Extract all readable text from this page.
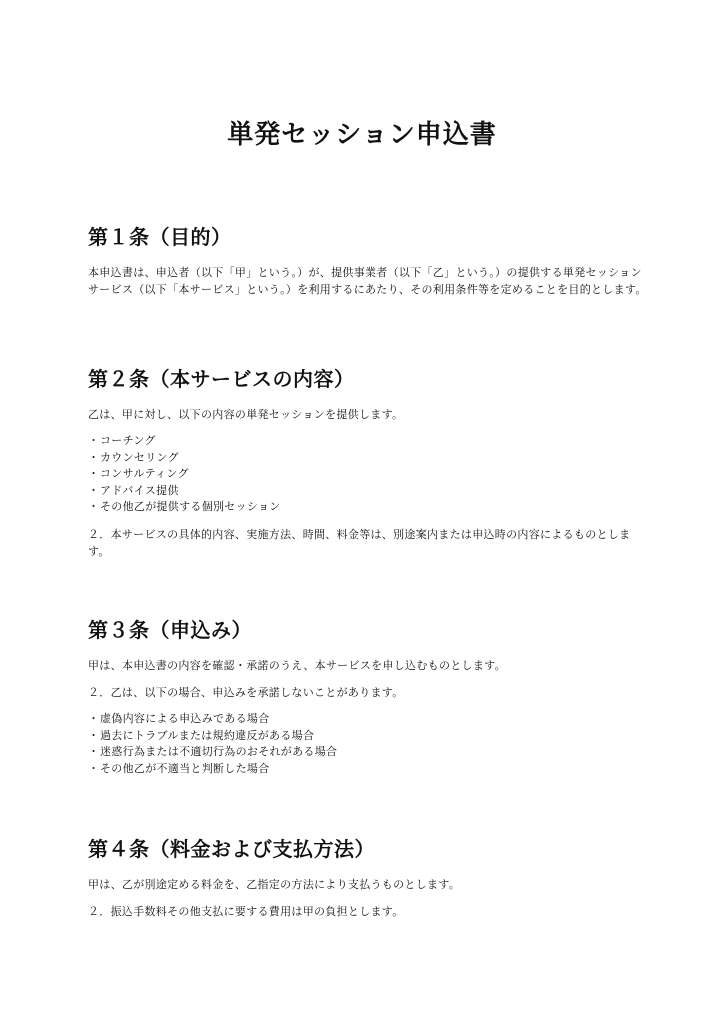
単発セッション申込書
第１条（目的）

本申込書は、申込者（以下「甲」という。）が、提供事業者（以下「乙」という。）の提供する単発セッションサービス（以下「本サービス」という。）を利用するにあたり、その利用条件等を定めることを目的とします。

第２条（本サービスの内容）

乙は、甲に対し、以下の内容の単発セッションを提供します。

・コーチング
・カウンセリング
・コンサルティング
・アドバイス提供
・その他乙が提供する個別セッション

２．本サービスの具体的内容、実施方法、時間、料金等は、別途案内または申込時の内容によるものとします。

第３条（申込み）

甲は、本申込書の内容を確認・承諾のうえ、本サービスを申し込むものとします。

２．乙は、以下の場合、申込みを承諾しないことがあります。

・虚偽内容による申込みである場合
・過去にトラブルまたは規約違反がある場合
・迷惑行為または不適切行為のおそれがある場合
・その他乙が不適当と判断した場合
第４条（料金および支払方法）

甲は、乙が別途定める料金を、乙指定の方法により支払うものとします。

２．振込手数料その他支払に要する費用は甲の負担とします。
